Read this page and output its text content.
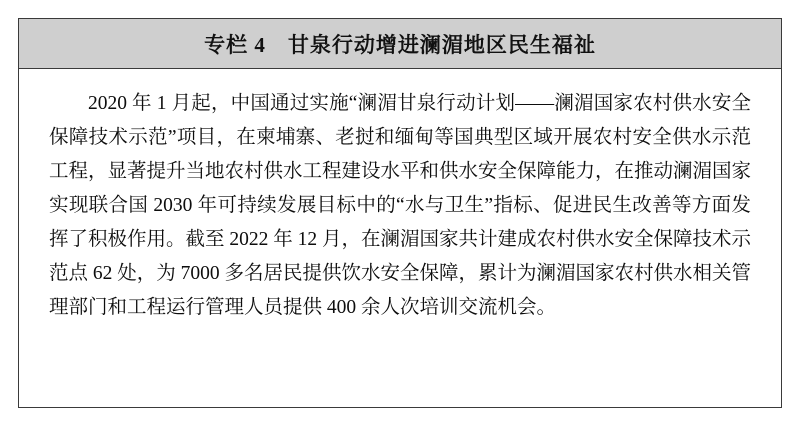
专栏 4　甘泉行动增进澜湄地区民生福祉

2020 年 1 月起，中国通过实施“澜湄甘泉行动计划——澜湄国家农村供水安全保障技术示范”项目，在柬埔寨、老挝和缅甸等国典型区域开展农村安全供水示范工程，显著提升当地农村供水工程建设水平和供水安全保障能力，在推动澜湄国家实现联合国 2030 年可持续发展目标中的“水与卫生”指标、促进民生改善等方面发挥了积极作用。截至 2022 年 12 月，在澜湄国家共计建成农村供水安全保障技术示范点 62 处，为 7000 多名居民提供饮水安全保障，累计为澜湄国家农村供水相关管理部门和工程运行管理人员提供 400 余人次培训交流机会。
